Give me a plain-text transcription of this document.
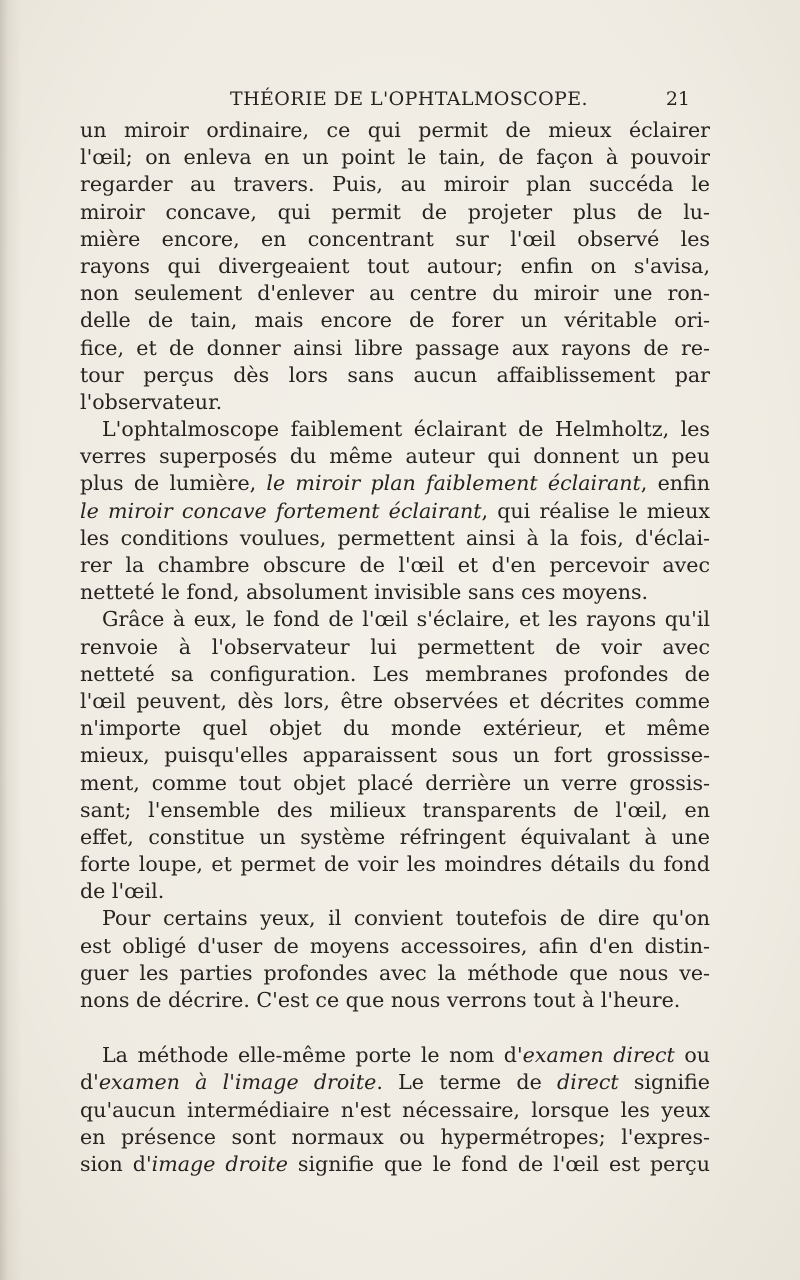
THÉORIE DE L'OPHTALMOSCOPE.	21
un miroir ordinaire, ce qui permit de mieux éclairer
l'œil; on enleva en un point le tain, de façon à pouvoir
regarder au travers. Puis, au miroir plan succéda le
miroir concave, qui permit de projeter plus de lu-
mière encore, en concentrant sur l'œil observé les
rayons qui divergeaient tout autour; enfin on s'avisa,
non seulement d'enlever au centre du miroir une ron-
delle de tain, mais encore de forer un véritable ori-
fice, et de donner ainsi libre passage aux rayons de re-
tour perçus dès lors sans aucun affaiblissement par
l'observateur.
L'ophtalmoscope faiblement éclairant de Helmholtz, les
verres superposés du même auteur qui donnent un peu
plus de lumière, le miroir plan faiblement éclairant, enfin
le miroir concave fortement éclairant, qui réalise le mieux
les conditions voulues, permettent ainsi à la fois, d'éclai-
rer la chambre obscure de l'œil et d'en percevoir avec
netteté le fond, absolument invisible sans ces moyens.
Grâce à eux, le fond de l'œil s'éclaire, et les rayons qu'il
renvoie à l'observateur lui permettent de voir avec
netteté sa configuration. Les membranes profondes de
l'œil peuvent, dès lors, être observées et décrites comme
n'importe quel objet du monde extérieur, et même
mieux, puisqu'elles apparaissent sous un fort grossisse-
ment, comme tout objet placé derrière un verre grossis-
sant; l'ensemble des milieux transparents de l'œil, en
effet, constitue un système réfringent équivalant à une
forte loupe, et permet de voir les moindres détails du fond
de l'œil.
Pour certains yeux, il convient toutefois de dire qu'on
est obligé d'user de moyens accessoires, afin d'en distin-
guer les parties profondes avec la méthode que nous ve-
nons de décrire. C'est ce que nous verrons tout à l'heure.
La méthode elle-même porte le nom d'examen direct ou
d'examen à l'image droite. Le terme de direct signifie
qu'aucun intermédiaire n'est nécessaire, lorsque les yeux
en présence sont normaux ou hypermétropes; l'expres-
sion d'image droite signifie que le fond de l'œil est perçu
